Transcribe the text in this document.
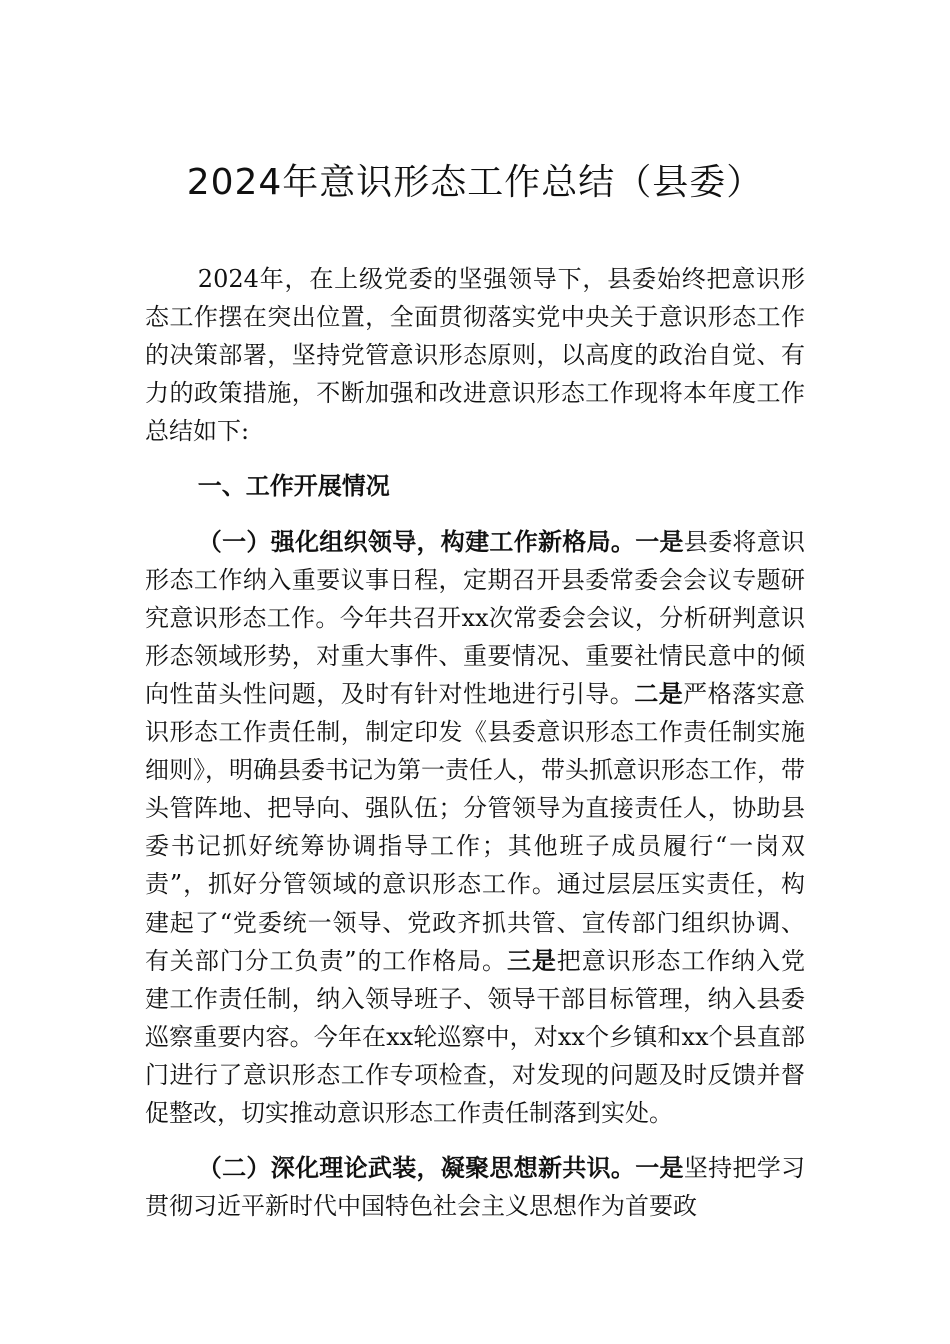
2024年意识形态工作总结（县委）

2024年，在上级党委的坚强领导下，县委始终把意识形态工作摆在突出位置，全面贯彻落实党中央关于意识形态工作的决策部署，坚持党管意识形态原则，以高度的政治自觉、有力的政策措施，不断加强和改进意识形态工作现将本年度工作总结如下:

一、工作开展情况

（一）强化组织领导，构建工作新格局。一是县委将意识形态工作纳入重要议事日程，定期召开县委常委会会议专题研究意识形态工作。今年共召开xx次常委会会议，分析研判意识形态领域形势，对重大事件、重要情况、重要社情民意中的倾向性苗头性问题，及时有针对性地进行引导。二是严格落实意识形态工作责任制，制定印发《县委意识形态工作责任制实施细则》，明确县委书记为第一责任人，带头抓意识形态工作，带头管阵地、把导向、强队伍；分管领导为直接责任人，协助县委书记抓好统筹协调指导工作；其他班子成员履行“一岗双责”，抓好分管领域的意识形态工作。通过层层压实责任，构建起了“党委统一领导、党政齐抓共管、宣传部门组织协调、有关部门分工负责”的工作格局。三是把意识形态工作纳入党建工作责任制，纳入领导班子、领导干部目标管理，纳入县委巡察重要内容。今年在xx轮巡察中，对xx个乡镇和xx个县直部门进行了意识形态工作专项检查，对发现的问题及时反馈并督促整改，切实推动意识形态工作责任制落到实处。

（二）深化理论武装，凝聚思想新共识。一是坚持把学习贯彻习近平新时代中国特色社会主义思想作为首要政
